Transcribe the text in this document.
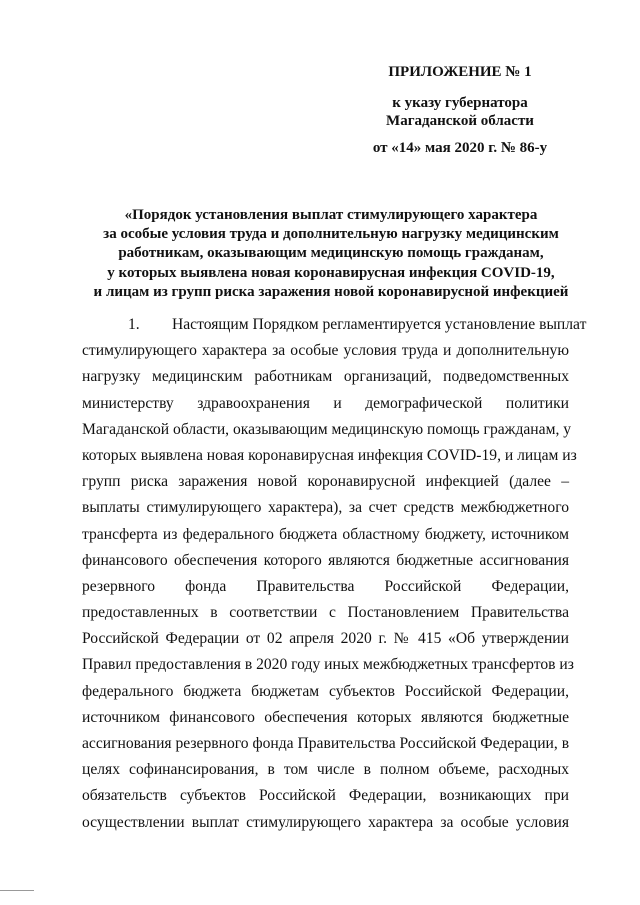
ПРИЛОЖЕНИЕ № 1
к указу губернатора
Магаданской области
от «14» мая 2020 г. № 86-у
«Порядок установления выплат стимулирующего характера
за особые условия труда и дополнительную нагрузку медицинским
работникам, оказывающим медицинскую помощь гражданам,
у которых выявлена новая коронавирусная инфекция COVID-19,
и лицам из групп риска заражения новой коронавирусной инфекцией
1. Настоящим Порядком регламентируется установление выплат
стимулирующего характера за особые условия труда и дополнительную
нагрузку медицинским работникам организаций, подведомственных
министерству здравоохранения и демографической политики
Магаданской области, оказывающим медицинскую помощь гражданам, у
которых выявлена новая коронавирусная инфекция COVID-19, и лицам из
групп риска заражения новой коронавирусной инфекцией (далее –
выплаты стимулирующего характера), за счет средств межбюджетного
трансферта из федерального бюджета областному бюджету, источником
финансового обеспечения которого являются бюджетные ассигнования
резервного фонда Правительства Российской Федерации,
предоставленных в соответствии с Постановлением Правительства
Российской Федерации от 02 апреля 2020 г. № 415 «Об утверждении
Правил предоставления в 2020 году иных межбюджетных трансфертов из
федерального бюджета бюджетам субъектов Российской Федерации,
источником финансового обеспечения которых являются бюджетные
ассигнования резервного фонда Правительства Российской Федерации, в
целях софинансирования, в том числе в полном объеме, расходных
обязательств субъектов Российской Федерации, возникающих при
осуществлении выплат стимулирующего характера за особые условия
